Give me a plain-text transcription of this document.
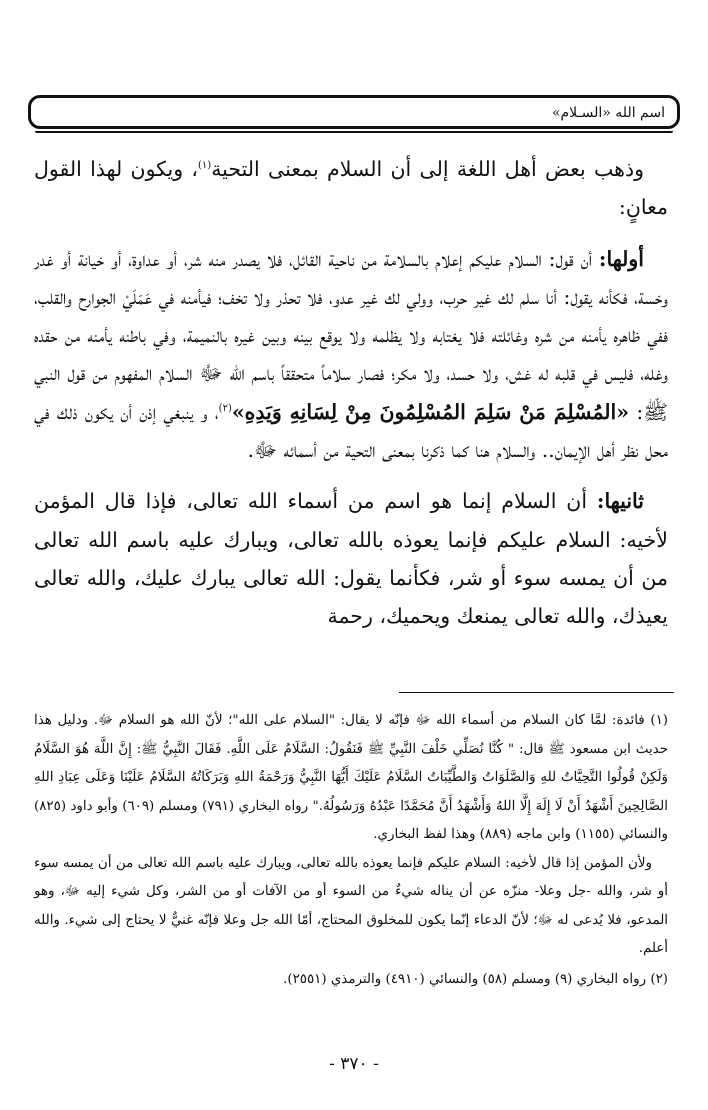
اسم الله «السـلام»

وذهب بعض أهل اللغة إلى أن السلام بمعنى التحية$^{(١)}$، ويكون لهذا القول معانٍ:

أولها: أن قول: السلام عليكم إعلام بالسلامة من ناحية القائل، فلا يصدر منه شر، أو عداوة، أو خيانة أو غدر وخسة، فكأنه يقول: أنا سلم لك غير حرب، وولي لك غير عدو، فلا تحذر ولا تخف؛ فيأمنه في عَمَلَيْ الجوارح والقلب، ففي ظاهره يأمنه من شره وغائلته فلا يغتابه ولا يظلمه ولا يوقع بينه وبين غيره بالنميمة، وفي باطنه يأمنه من حقده وغله، فليس في قلبه له غش، ولا حسد، ولا مكر؛ فصار سلاماً متحققاً باسم الله ﷻ السلام المفهوم من قول النبي ﷺ: «المُسْلِمَ مَنْ سَلِمَ المُسْلِمُونَ مِنْ لِسَانِهِ وَيَدِهِ»$^{(٢)}$، و ينبغي إذن أن يكون ذلك في محل نظر أهل الإيمان.. والسلام هنا كما ذكرنا بمعنى التحية من أسمائه ﷻ.

ثانيها: أن السلام إنما هو اسم من أسماء الله تعالى، فإذا قال المؤمن لأخيه: السلام عليكم فإنما يعوذه بالله تعالى، ويبارك عليه باسم الله تعالى من أن يمسه سوء أو شر، فكأنما يقول: الله تعالى يبارك عليك، والله تعالى يعيذك، والله تعالى يمنعك ويحميك، رحمة

(١) فائدة: لمَّا كان السلام من أسماء الله ﷻ فإنّه لا يقال: "السلام على الله"؛ لأنّ الله هو السلام ﷻ. ودليل هذا حديث ابن مسعود ﷺ قال: " كُنَّا نُصَلِّي خَلْفَ النَّبِيِّ ﷺ فَنَقُولُ: السَّلَامُ عَلَى اللَّهِ. فَقَالَ النَّبِيُّ ﷺ: إِنَّ اللَّهَ هُوَ السَّلَامُ وَلَكِنْ قُولُوا التَّحِيَّاتُ للهِ وَالصَّلَوَاتُ وَالطَّيِّبَاتُ السَّلَامُ عَلَيْكَ أَيُّهَا النَّبِيُّ وَرَحْمَةُ اللهِ وَبَرَكَاتُهُ السَّلَامُ عَلَيْنَا وَعَلَى عِبَادِ اللهِ الصَّالِحِينَ أَشْهَدُ أَنْ لَا إِلَهَ إِلَّا اللهُ وَأَشْهَدُ أَنَّ مُحَمَّدًا عَبْدُهُ وَرَسُولُهُ." رواه البخاري (٧٩١) ومسلم (٦٠٩) وأبو داود (٨٢٥) والنسائي (١١٥٥) وابن ماجه (٨٨٩) وهذا لفظ البخاري.

ولأن المؤمن إذا قال لأخيه: السلام عليكم فإنما يعوذه بالله تعالى، ويبارك عليه باسم الله تعالى من أن يمسه سوء أو شر، والله -جل وعلا- منزّه عن أن يناله شيءٌ من السوء أو من الآفات أو من الشر، وكل شيء إليه ﷻ، وهو المدعو، فلا يُدعى له ﷻ؛ لأنّ الدعاء إنّما يكون للمخلوق المحتاج، أمّا الله جل وعلا فإنّه غنيٌّ لا يحتاج إلى شيء. والله أعلم.

(٢) رواه البخاري (٩) ومسلم (٥٨) والنسائي (٤٩١٠) والترمذي (٢٥٥١).

- ٣٧٠ -
